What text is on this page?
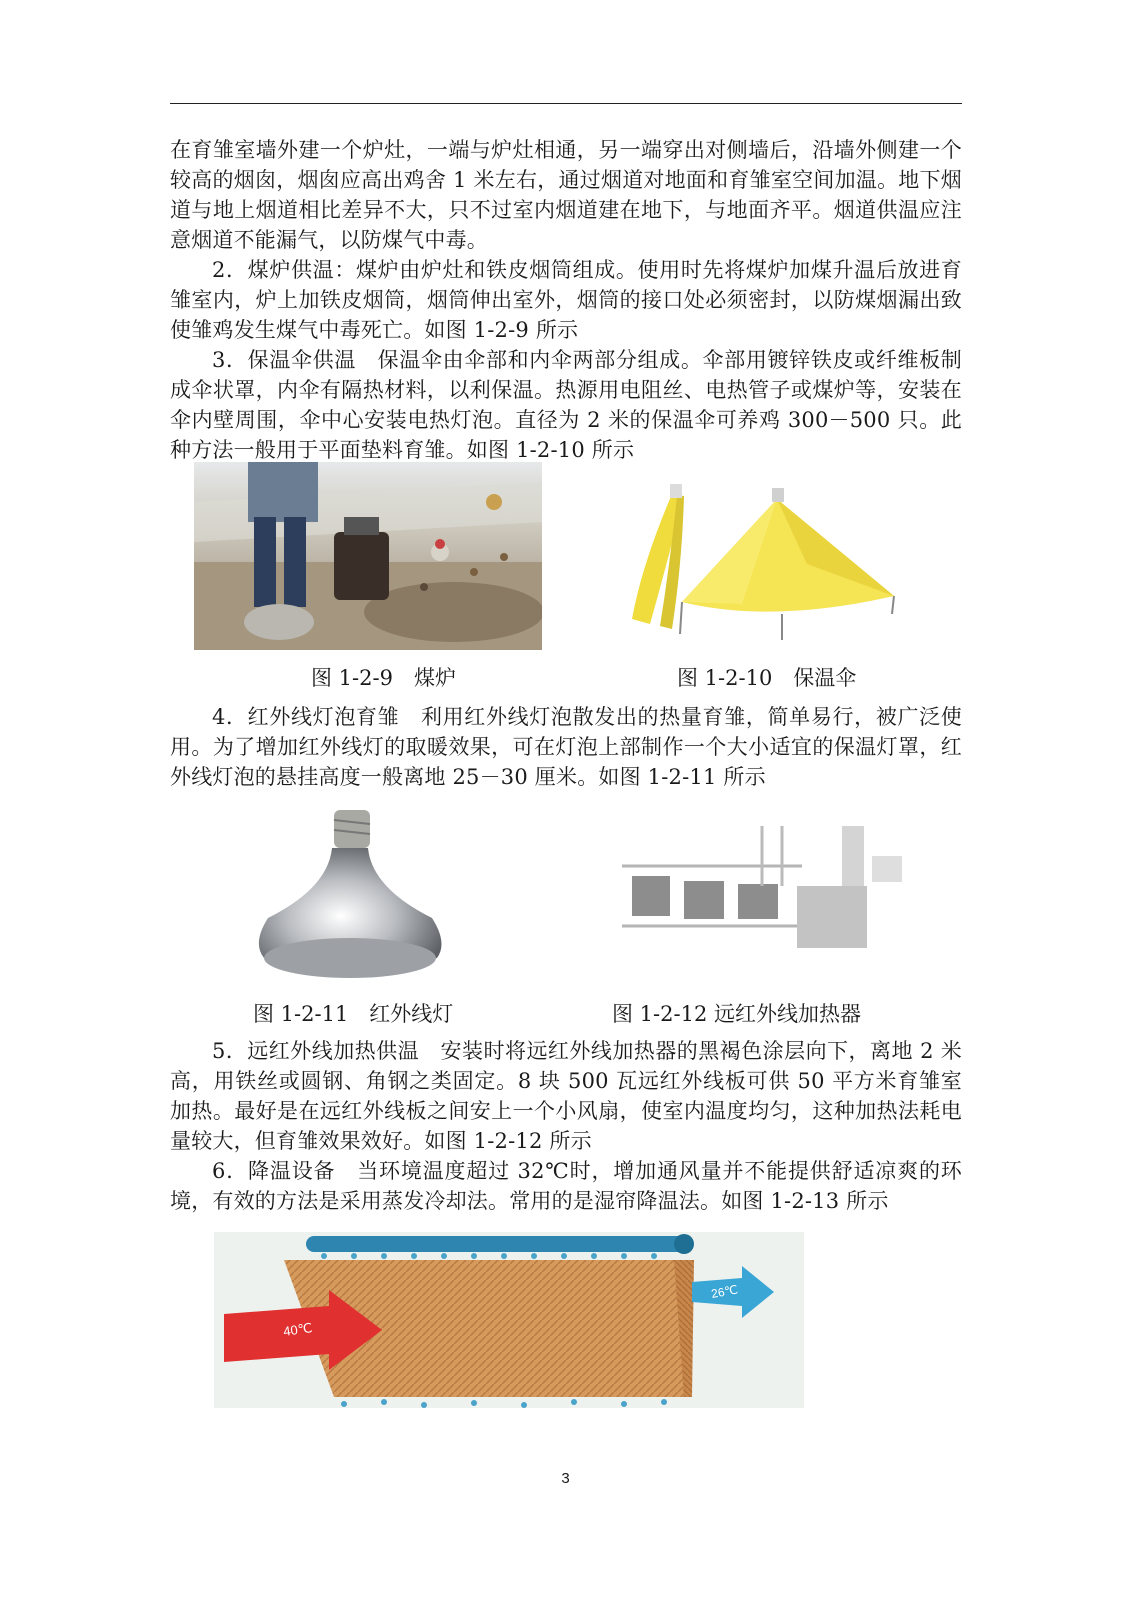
在育雏室墙外建一个炉灶，一端与炉灶相通，另一端穿出对侧墙后，沿墙外侧建一个较高的烟囱，烟囱应高出鸡舍 1 米左右，通过烟道对地面和育雏室空间加温。地下烟道与地上烟道相比差异不大，只不过室内烟道建在地下，与地面齐平。烟道供温应注意烟道不能漏气，以防煤气中毒。

2．煤炉供温：煤炉由炉灶和铁皮烟筒组成。使用时先将煤炉加煤升温后放进育雏室内，炉上加铁皮烟筒，烟筒伸出室外，烟筒的接口处必须密封，以防煤烟漏出致使雏鸡发生煤气中毒死亡。如图 1-2-9 所示

3．保温伞供温　保温伞由伞部和内伞两部分组成。伞部用镀锌铁皮或纤维板制成伞状罩，内伞有隔热材料，以利保温。热源用电阻丝、电热管子或煤炉等，安装在伞内壁周围，伞中心安装电热灯泡。直径为 2 米的保温伞可养鸡 300－500 只。此种方法一般用于平面垫料育雏。如图 1-2-10 所示

图 1-2-9　煤炉	图 1-2-10　保温伞

4．红外线灯泡育雏　利用红外线灯泡散发出的热量育雏，简单易行，被广泛使用。为了增加红外线灯的取暖效果，可在灯泡上部制作一个大小适宜的保温灯罩，红外线灯泡的悬挂高度一般离地 25－30 厘米。如图 1-2-11 所示

图 1-2-11　红外线灯	图 1-2-12 远红外线加热器

5．远红外线加热供温　安装时将远红外线加热器的黑褐色涂层向下，离地 2 米高，用铁丝或圆钢、角钢之类固定。8 块 500 瓦远红外线板可供 50 平方米育雏室加热。最好是在远红外线板之间安上一个小风扇，使室内温度均匀，这种加热法耗电量较大，但育雏效果效好。如图 1-2-12 所示

6．降温设备　当环境温度超过 32℃时，增加通风量并不能提供舒适凉爽的环境，有效的方法是采用蒸发冷却法。常用的是湿帘降温法。如图 1-2-13 所示

40℃
26℃
3
